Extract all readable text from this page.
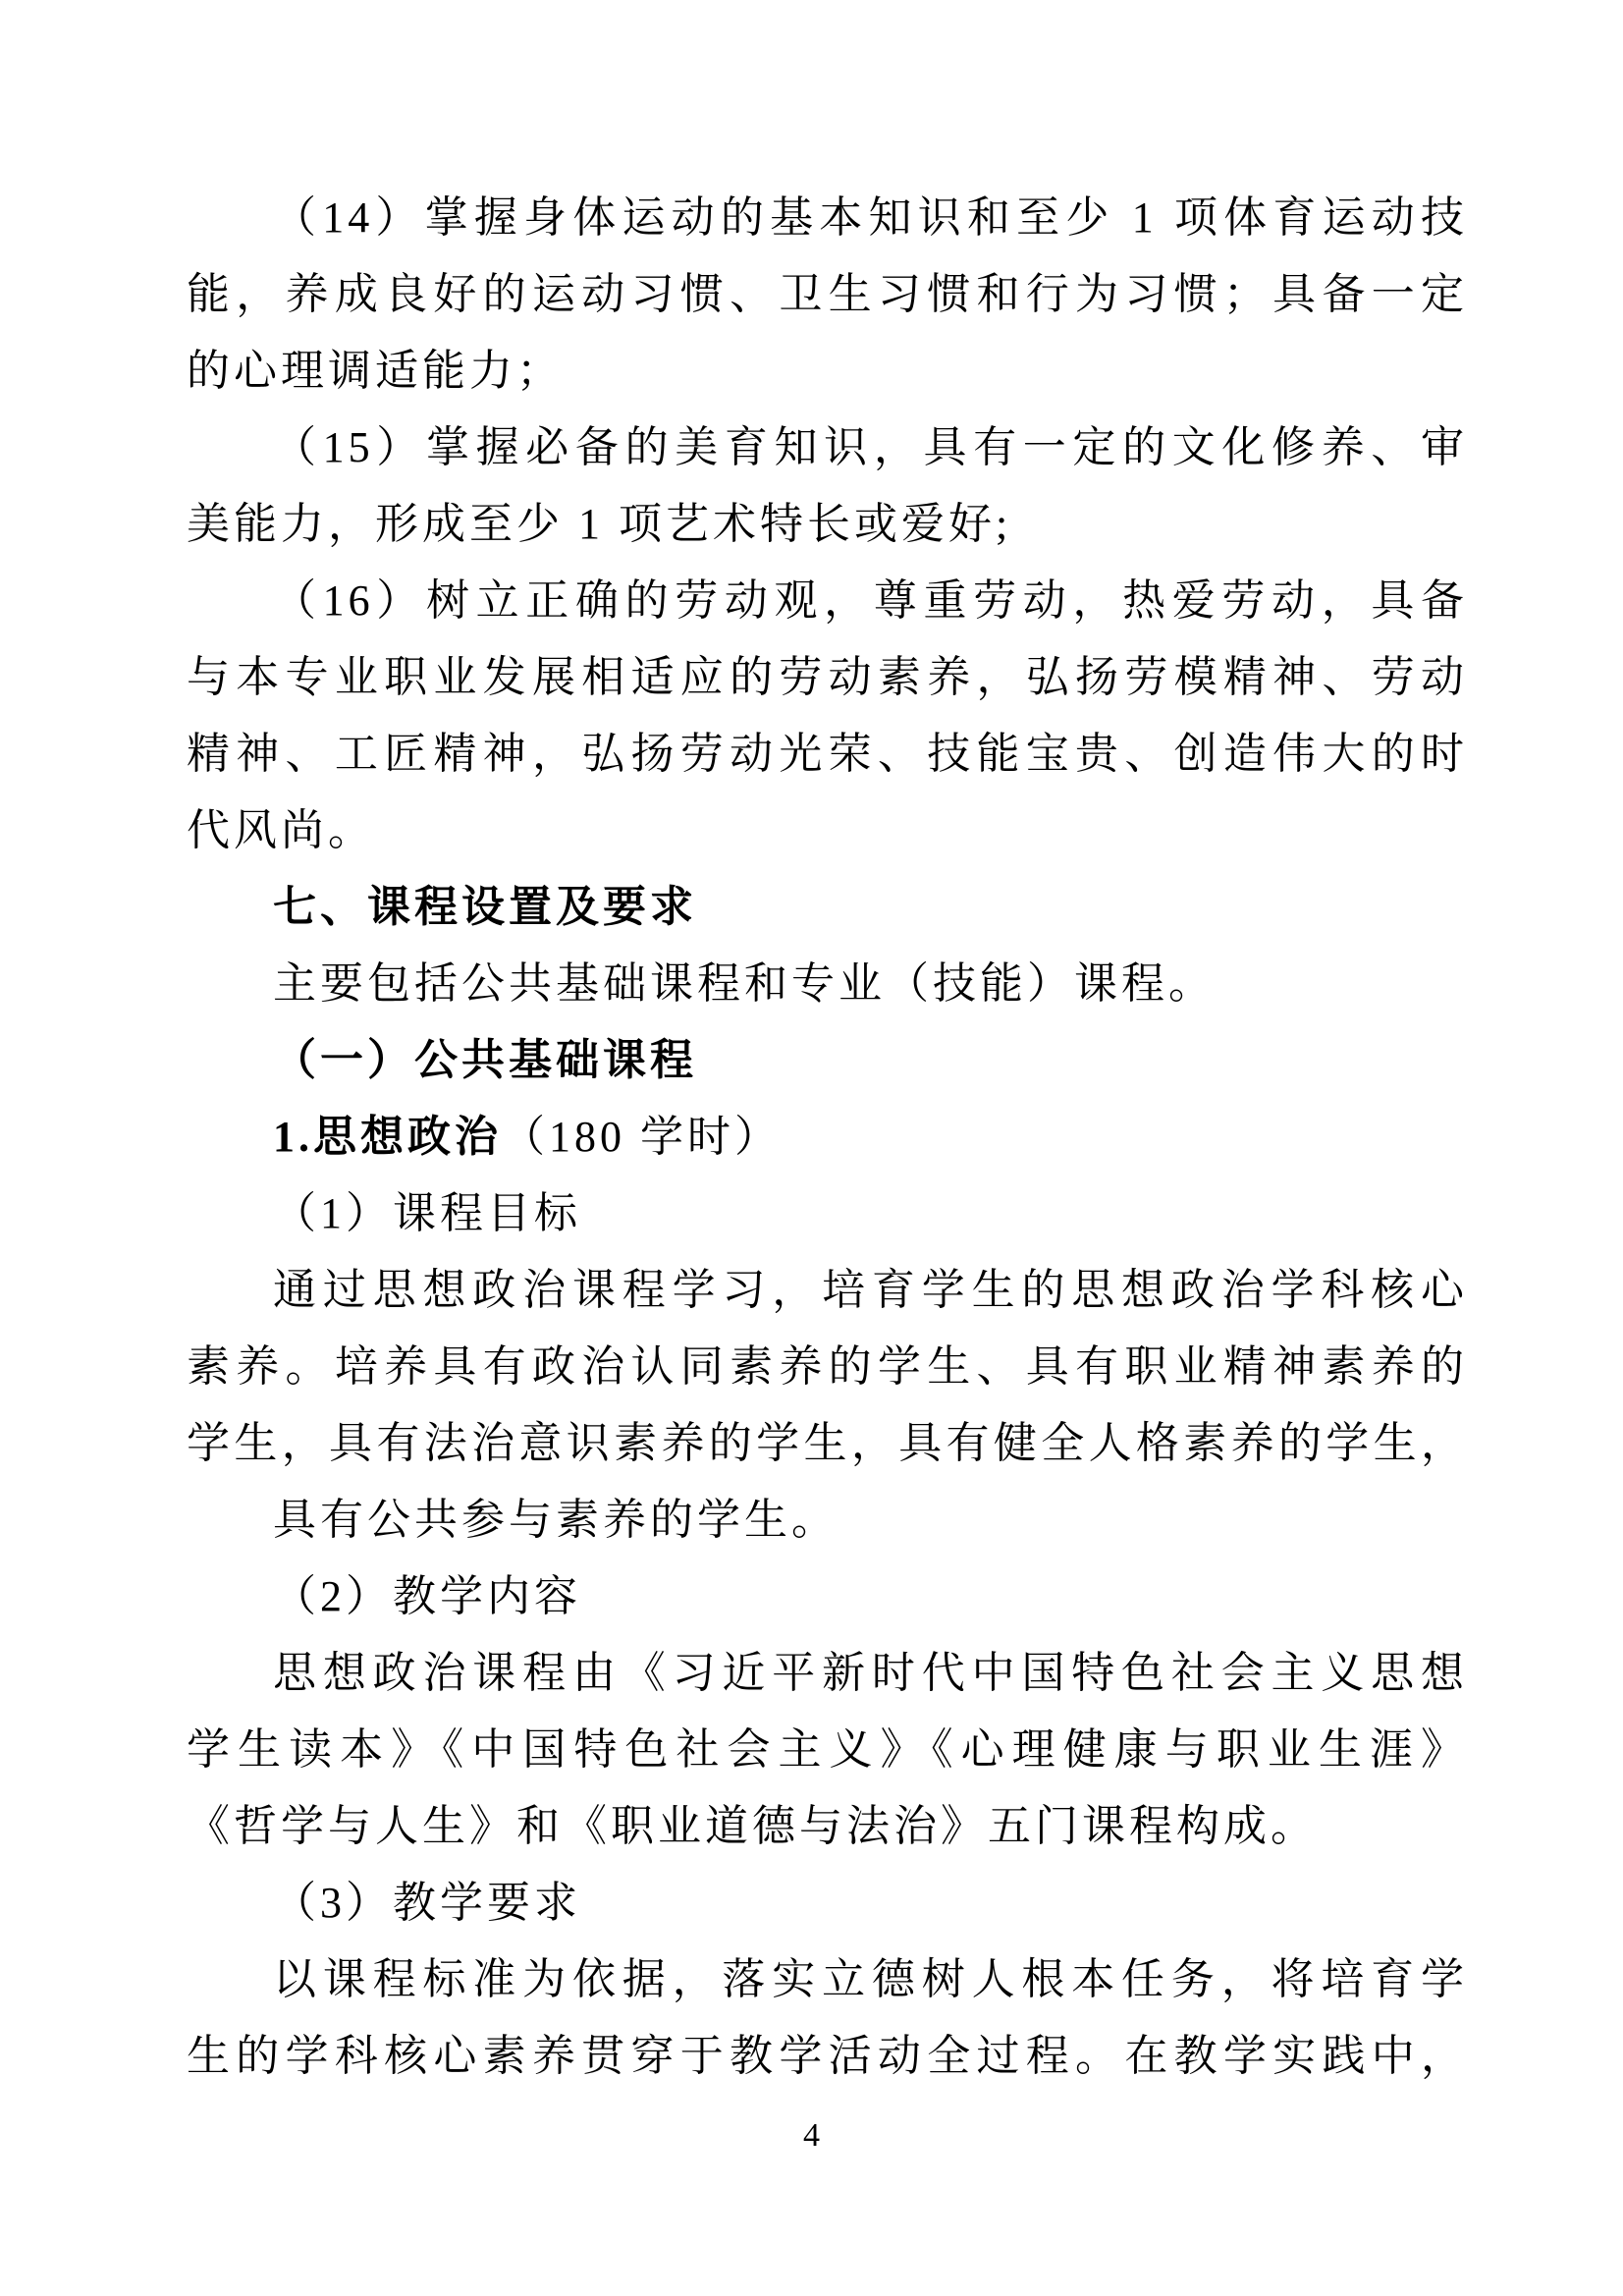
（14）掌握身体运动的基本知识和至少 1 项体育运动技
能，养成良好的运动习惯、卫生习惯和行为习惯；具备一定
的心理调适能力；
（15）掌握必备的美育知识，具有一定的文化修养、审
美能力，形成至少 1 项艺术特长或爱好;
（16）树立正确的劳动观，尊重劳动，热爱劳动，具备
与本专业职业发展相适应的劳动素养，弘扬劳模精神、劳动
精神、工匠精神，弘扬劳动光荣、技能宝贵、创造伟大的时
代风尚。
七、课程设置及要求
主要包括公共基础课程和专业（技能）课程。
（一）公共基础课程
1.思想政治（180 学时）
（1）课程目标
通过思想政治课程学习，培育学生的思想政治学科核心
素养。培养具有政治认同素养的学生、具有职业精神素养的
学生，具有法治意识素养的学生，具有健全人格素养的学生，
具有公共参与素养的学生。
（2）教学内容
思想政治课程由《习近平新时代中国特色社会主义思想
学生读本》《中国特色社会主义》《心理健康与职业生涯》
《哲学与人生》和《职业道德与法治》五门课程构成。
（3）教学要求
以课程标准为依据，落实立德树人根本任务，将培育学
生的学科核心素养贯穿于教学活动全过程。在教学实践中，
4
